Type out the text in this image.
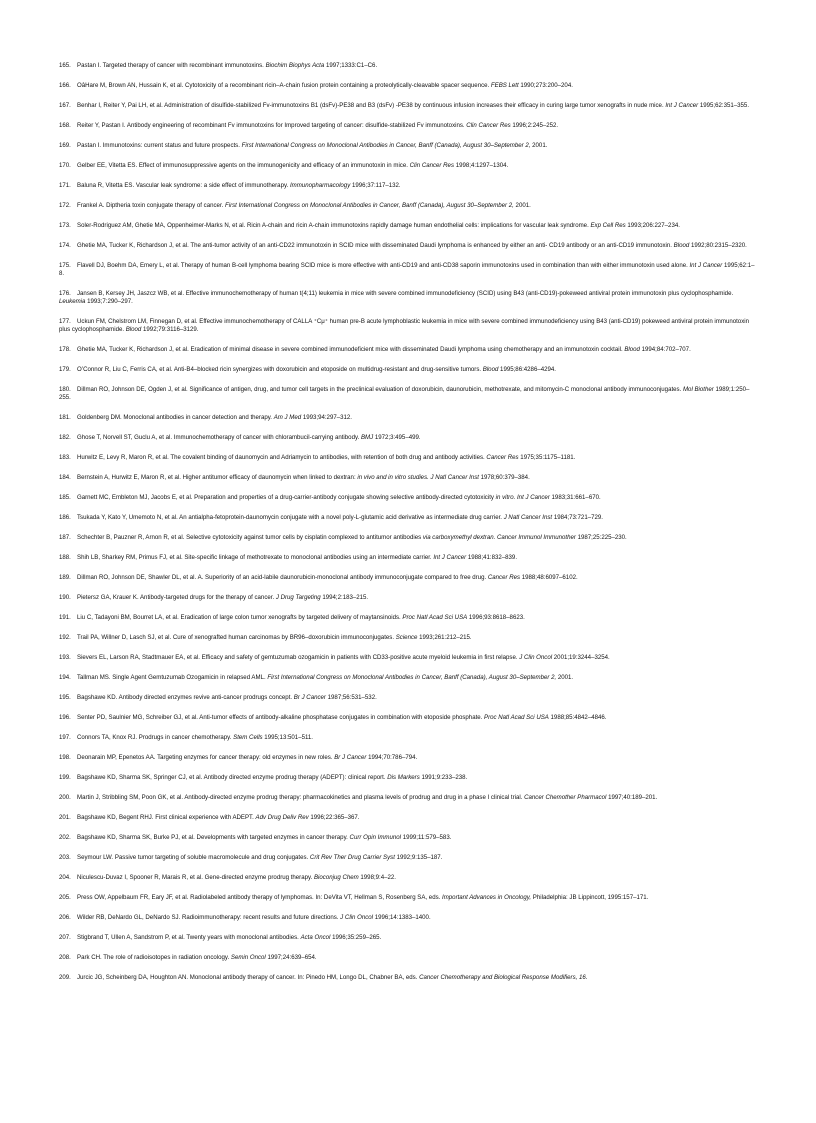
165. Pastan I. Targeted therapy of cancer with recombinant immunotoxins. Biochim Biophys Acta 1997;1333:C1–C6.

166. OâHare M, Brown AN, Hussain K, et al. Cytotoxicity of a recombinant ricin–A-chain fusion protein containing a proteolytically-cleavable spacer sequence. FEBS Lett 1990;273:200–204.

167. Benhar I, Reiter Y, Pai LH, et al. Administration of disulfide-stabilized Fv-immunotoxins B1 (dsFv)-PE38 and B3 (dsFv) -PE38 by continuous infusion increases their efficacy in curing large tumor xenografts in nude mice. Int J Cancer 1995;62:351–355.

168. Reiter Y, Pastan I. Antibody engineering of recombinant Fv immunotoxins for Improved targeting of cancer: disulfide-stabilized Fv immunotoxins. Clin Cancer Res 1996;2:245–252.

169. Pastan I. Immunotoxins: current status and future prospects. First International Congress on Monoclonal Antibodies in Cancer, Banff (Canada), August 30–September 2, 2001.

170. Gelber EE, Vitetta ES. Effect of immunosuppressive agents on the immunogenicity and efficacy of an immunotoxin in mice. Clin Cancer Res 1998;4:1297–1304.

171. Baluna R, Vitetta ES. Vascular leak syndrome: a side effect of immunotherapy. Immunopharmacology 1996;37:117–132.

172. Frankel A. Diptheria toxin conjugate therapy of cancer. First International Congress on Monoclonal Antibodies in Cancer, Banff (Canada), August 30–September 2, 2001.

173. Soler-Rodriguez AM, Ghetie MA, Oppenheimer-Marks N, et al. Ricin A-chain and ricin A-chain immunotoxins rapidly damage human endothelial cells: implications for vascular leak syndrome. Exp Cell Res 1993;206:227–234.

174. Ghetie MA, Tucker K, Richardson J, et al. The anti-tumor activity of an anti-CD22 immunotoxin in SCID mice with disseminated Daudi lymphoma is enhanced by either an anti- CD19 antibody or an anti-CD19 immunotoxin. Blood 1992;80:2315–2320.

175. Flavell DJ, Boehm DA, Emery L, et al. Therapy of human B-cell lymphoma bearing SCID mice is more effective with anti-CD19 and anti-CD38 saporin immunotoxins used in combination than with either immunotoxin used alone. Int J Cancer 1995;62:1–8.

176. Jansen B, Kersey JH, Jaszcz WB, et al. Effective immunochemotherapy of human t(4;11) leukemia in mice with severe combined immunodeficiency (SCID) using B43 (anti-CD19)-pokeweed antiviral protein immunotoxin plus cyclophosphamide. Leukemia 1993;7:290–297.

177. Uckun FM, Chelstrom LM, Finnegan D, et al. Effective immunochemotherapy of CALLA ⁺Cμ⁺ human pre-B acute lymphoblastic leukemia in mice with severe combined immunodeficiency using B43 (anti-CD19) pokeweed antiviral protein immunotoxin plus cyclophosphamide. Blood 1992;79:3116–3129.

178. Ghetie MA, Tucker K, Richardson J, et al. Eradication of minimal disease in severe combined immunodeficient mice with disseminated Daudi lymphoma using chemotherapy and an immunotoxin cocktail. Blood 1994;84:702–707.

179. O’Connor R, Liu C, Ferris CA, et al. Anti-B4–blocked ricin synergizes with doxorubicin and etoposide on multidrug-resistant and drug-sensitive tumors. Blood 1995;86:4286–4294.

180. Dillman RO, Johnson DE, Ogden J, et al. Significance of antigen, drug, and tumor cell targets in the preclinical evaluation of doxorubicin, daunorubicin, methotrexate, and mitomycin-C monoclonal antibody immunoconjugates. Mol Biother 1989;1:250–255.

181. Goldenberg DM. Monoclonal antibodies in cancer detection and therapy. Am J Med 1993;94:297–312.

182. Ghose T, Norvell ST, Guclu A, et al. Immunochemotherapy of cancer with chlorambucil-carrying antibody. BMJ 1972;3:495–499.

183. Hurwitz E, Levy R, Maron R, et al. The covalent binding of daunomycin and Adriamycin to antibodies, with retention of both drug and antibody activities. Cancer Res 1975;35:1175–1181.

184. Bernstein A, Hurwitz E, Maron R, et al. Higher antitumor efficacy of daunomycin when linked to dextran: in vivo and in vitro studies. J Natl Cancer Inst 1978;60:379–384.

185. Garnett MC, Embleton MJ, Jacobs E, et al. Preparation and properties of a drug-carrier-antibody conjugate showing selective antibody-directed cytotoxicity in vitro. Int J Cancer 1983;31:661–670.

186. Tsukada Y, Kato Y, Umemoto N, et al. An antialpha-fetoprotein-daunomycin conjugate with a novel poly-L-glutamic acid derivative as intermediate drug carrier. J Natl Cancer Inst 1984;73:721–729.

187. Schechter B, Pauzner R, Arnon R, et al. Selective cytotoxicity against tumor cells by cisplatin complexed to antitumor antibodies via carboxymethyl dextran. Cancer Immunol Immunother 1987;25:225–230.

188. Shih LB, Sharkey RM, Primus FJ, et al. Site-specific linkage of methotrexate to monoclonal antibodies using an intermediate carrier. Int J Cancer 1988;41:832–839.

189. Dillman RO, Johnson DE, Shawler DL, et al. A. Superiority of an acid-labile daunorubicin-monoclonal antibody immunoconjugate compared to free drug. Cancer Res 1988;48:6097–6102.

190. Pietersz GA, Krauer K. Antibody-targeted drugs for the therapy of cancer. J Drug Targeting 1994;2:183–215.

191. Liu C, Tadayoni BM, Bourret LA, et al. Eradication of large colon tumor xenografts by targeted delivery of maytansinoids. Proc Natl Acad Sci USA 1996;93:8618–8623.

192. Trail PA, Willner D, Lasch SJ, et al. Cure of xenografted human carcinomas by BR96–doxorubicin immunoconjugates. Science 1993;261:212–215.

193. Sievers EL, Larson RA, Stadtmauer EA, et al. Efficacy and safety of gemtuzumab ozogamicin in patients with CD33-positive acute myeloid leukemia in first relapse. J Clin Oncol 2001;19:3244–3254.

194. Tallman MS. Single Agent Gemtuzumab Ozogamicin in relapsed AML. First International Congress on Monoclonal Antibodies in Cancer, Banff (Canada), August 30–September 2, 2001.

195. Bagshawe KD. Antibody directed enzymes revive anti-cancer prodrugs concept. Br J Cancer 1987;56:531–532.

196. Senter PD, Saulnier MG, Schreiber GJ, et al. Anti-tumor effects of antibody-alkaline phosphatase conjugates in combination with etoposide phosphate. Proc Natl Acad Sci USA 1988;85:4842–4846.

197. Connors TA, Knox RJ. Prodrugs in cancer chemotherapy. Stem Cells 1995;13:501–511.

198. Deonarain MP, Epenetos AA. Targeting enzymes for cancer therapy: old enzymes in new roles. Br J Cancer 1994;70:786–794.

199. Bagshawe KD, Sharma SK, Springer CJ, et al. Antibody directed enzyme prodrug therapy (ADEPT): clinical report. Dis Markers 1991;9:233–238.

200. Martin J, Stribbling SM, Poon GK, et al. Antibody-directed enzyme prodrug therapy: pharmacokinetics and plasma levels of prodrug and drug in a phase I clinical trial. Cancer Chemother Pharmacol 1997;40:189–201.

201. Bagshawe KD, Begent RHJ. First clinical experience with ADEPT. Adv Drug Deliv Rev 1996;22:365–367.

202. Bagshawe KD, Sharma SK, Burke PJ, et al. Developments with targeted enzymes in cancer therapy. Curr Opin Immunol 1999;11:579–583.

203. Seymour LW. Passive tumor targeting of soluble macromolecule and drug conjugates. Crit Rev Ther Drug Carrier Syst 1992;9:135–187.

204. Niculescu-Duvaz I, Spooner R, Marais R, et al. Gene-directed enzyme prodrug therapy. Bioconjug Chem 1998;9:4–22.

205. Press OW, Appelbaum FR, Eary JF, et al. Radiolabeled antibody therapy of lymphomas. In: DeVita VT, Hellman S, Rosenberg SA, eds. Important Advances in Oncology, Philadelphia: JB Lippincott, 1995:157–171.

206. Wilder RB, DeNardo GL, DeNardo SJ. Radioimmunotherapy: recent results and future directions. J Clin Oncol 1996;14:1383–1400.

207. Stigbrand T, Ullen A, Sandstrom P, et al. Twenty years with monoclonal antibodies. Acta Oncol 1996;35:259–265.

208. Park CH. The role of radioisotopes in radiation oncology. Semin Oncol 1997;24:639–654.

209. Jurcic JG, Scheinberg DA, Houghton AN. Monoclonal antibody therapy of cancer. In: Pinedo HM, Longo DL, Chabner BA, eds. Cancer Chemotherapy and Biological Response Modifiers, 16.
